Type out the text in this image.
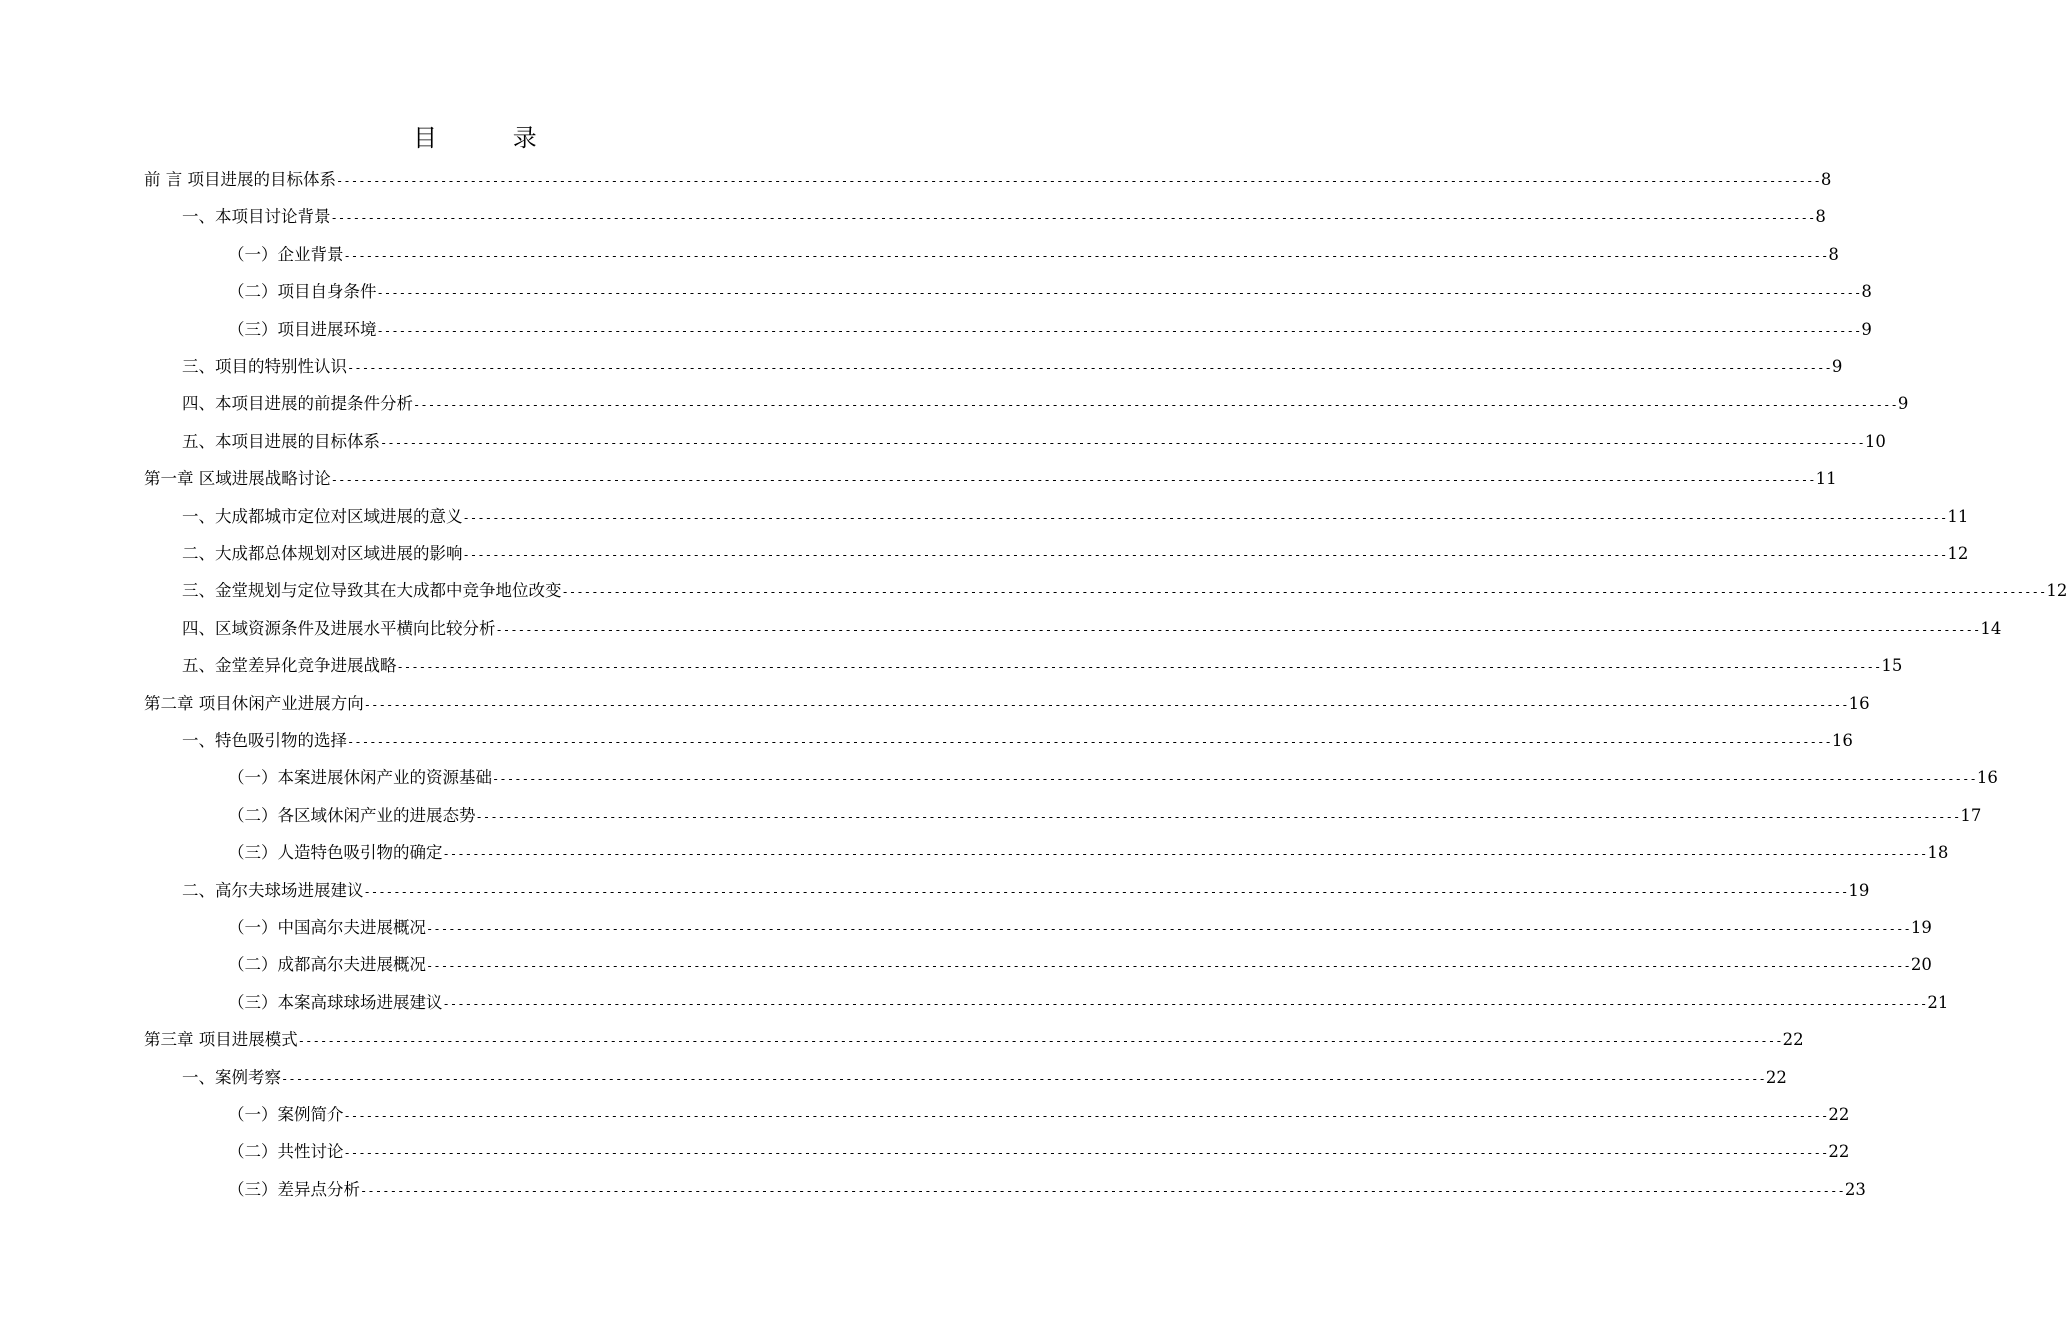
目 录
前 言 项目进展的目标体系 -------------------------------------------------------------------------------------------------------------------------------------------------------------------------------------------------------- 8
一、本项目讨论背景 -------------------------------------------------------------------------------------------------------------------------------------------------------------------------------------------------------- 8
（一）企业背景 -------------------------------------------------------------------------------------------------------------------------------------------------------------------------------------------------------- 8
（二）项目自身条件 -------------------------------------------------------------------------------------------------------------------------------------------------------------------------------------------------------- 8
（三）项目进展环境 -------------------------------------------------------------------------------------------------------------------------------------------------------------------------------------------------------- 9
三、项目的特别性认识 -------------------------------------------------------------------------------------------------------------------------------------------------------------------------------------------------------- 9
四、本项目进展的前提条件分析 -------------------------------------------------------------------------------------------------------------------------------------------------------------------------------------------------------- 9
五、本项目进展的目标体系 -------------------------------------------------------------------------------------------------------------------------------------------------------------------------------------------------------- 10
第一章 区域进展战略讨论 -------------------------------------------------------------------------------------------------------------------------------------------------------------------------------------------------------- 11
一、大成都城市定位对区域进展的意义 -------------------------------------------------------------------------------------------------------------------------------------------------------------------------------------------------------- 11
二、大成都总体规划对区域进展的影响 -------------------------------------------------------------------------------------------------------------------------------------------------------------------------------------------------------- 12
三、金堂规划与定位导致其在大成都中竞争地位改变 -------------------------------------------------------------------------------------------------------------------------------------------------------------------------------------------------------- 12
四、区域资源条件及进展水平横向比较分析 -------------------------------------------------------------------------------------------------------------------------------------------------------------------------------------------------------- 14
五、金堂差异化竞争进展战略 -------------------------------------------------------------------------------------------------------------------------------------------------------------------------------------------------------- 15
第二章 项目休闲产业进展方向 -------------------------------------------------------------------------------------------------------------------------------------------------------------------------------------------------------- 16
一、特色吸引物的选择 -------------------------------------------------------------------------------------------------------------------------------------------------------------------------------------------------------- 16
（一）本案进展休闲产业的资源基础 -------------------------------------------------------------------------------------------------------------------------------------------------------------------------------------------------------- 16
（二）各区域休闲产业的进展态势 -------------------------------------------------------------------------------------------------------------------------------------------------------------------------------------------------------- 17
（三）人造特色吸引物的确定 -------------------------------------------------------------------------------------------------------------------------------------------------------------------------------------------------------- 18
二、高尔夫球场进展建议 -------------------------------------------------------------------------------------------------------------------------------------------------------------------------------------------------------- 19
（一）中国高尔夫进展概况 -------------------------------------------------------------------------------------------------------------------------------------------------------------------------------------------------------- 19
（二）成都高尔夫进展概况 -------------------------------------------------------------------------------------------------------------------------------------------------------------------------------------------------------- 20
（三）本案高球球场进展建议 -------------------------------------------------------------------------------------------------------------------------------------------------------------------------------------------------------- 21
第三章 项目进展模式 -------------------------------------------------------------------------------------------------------------------------------------------------------------------------------------------------------- 22
一、案例考察 -------------------------------------------------------------------------------------------------------------------------------------------------------------------------------------------------------- 22
（一）案例简介 -------------------------------------------------------------------------------------------------------------------------------------------------------------------------------------------------------- 22
（二）共性讨论 -------------------------------------------------------------------------------------------------------------------------------------------------------------------------------------------------------- 22
（三）差异点分析 -------------------------------------------------------------------------------------------------------------------------------------------------------------------------------------------------------- 23
